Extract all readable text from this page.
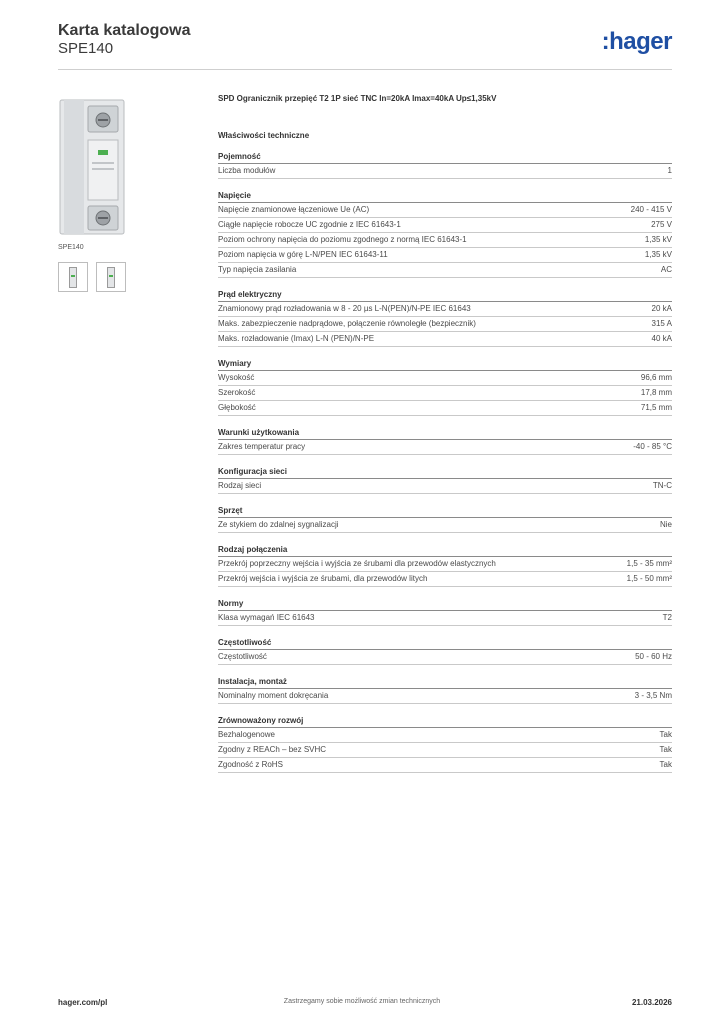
Karta katalogowa
SPE140	:hager
SPE140
SPD Ogranicznik przepięć T2 1P sieć TNC In=20kA Imax=40kA Up≤1,35kV
Właściwości techniczne
Pojemność
Liczba modułów	1
Napięcie
Napięcie znamionowe łączeniowe Ue (AC)	240 - 415 V
Ciągłe napięcie robocze UC zgodnie z IEC 61643-1	275 V
Poziom ochrony napięcia do poziomu zgodnego z normą IEC 61643-1	1,35 kV
Poziom napięcia w górę L-N/PEN IEC 61643-11	1,35 kV
Typ napięcia zasilania	AC
Prąd elektryczny
Znamionowy prąd rozładowania w 8 - 20 µs L-N(PEN)/N-PE IEC 61643	20 kA
Maks. zabezpieczenie nadprądowe, połączenie równoległe (bezpiecznik)	315 A
Maks. rozładowanie (Imax) L-N (PEN)/N-PE	40 kA
Wymiary
Wysokość	96,6 mm
Szerokość	17,8 mm
Głębokość	71,5 mm
Warunki użytkowania
Zakres temperatur pracy	-40 - 85 °C
Konfiguracja sieci
Rodzaj sieci	TN-C
Sprzęt
Ze stykiem do zdalnej sygnalizacji	Nie
Rodzaj połączenia
Przekrój poprzeczny wejścia i wyjścia ze śrubami dla przewodów elastycznych	1,5 - 35 mm²
Przekrój wejścia i wyjścia ze śrubami, dla przewodów litych	1,5 - 50 mm²
Normy
Klasa wymagań IEC 61643	T2
Częstotliwość
Częstotliwość	50 - 60 Hz
Instalacja, montaż
Nominalny moment dokręcania	3 - 3,5 Nm
Zrównoważony rozwój
Bezhalogenowe	Tak
Zgodny z REACh – bez SVHC	Tak
Zgodność z RoHS	Tak
hager.com/pl	Zastrzegamy sobie możliwość zmian technicznych	21.03.2026
